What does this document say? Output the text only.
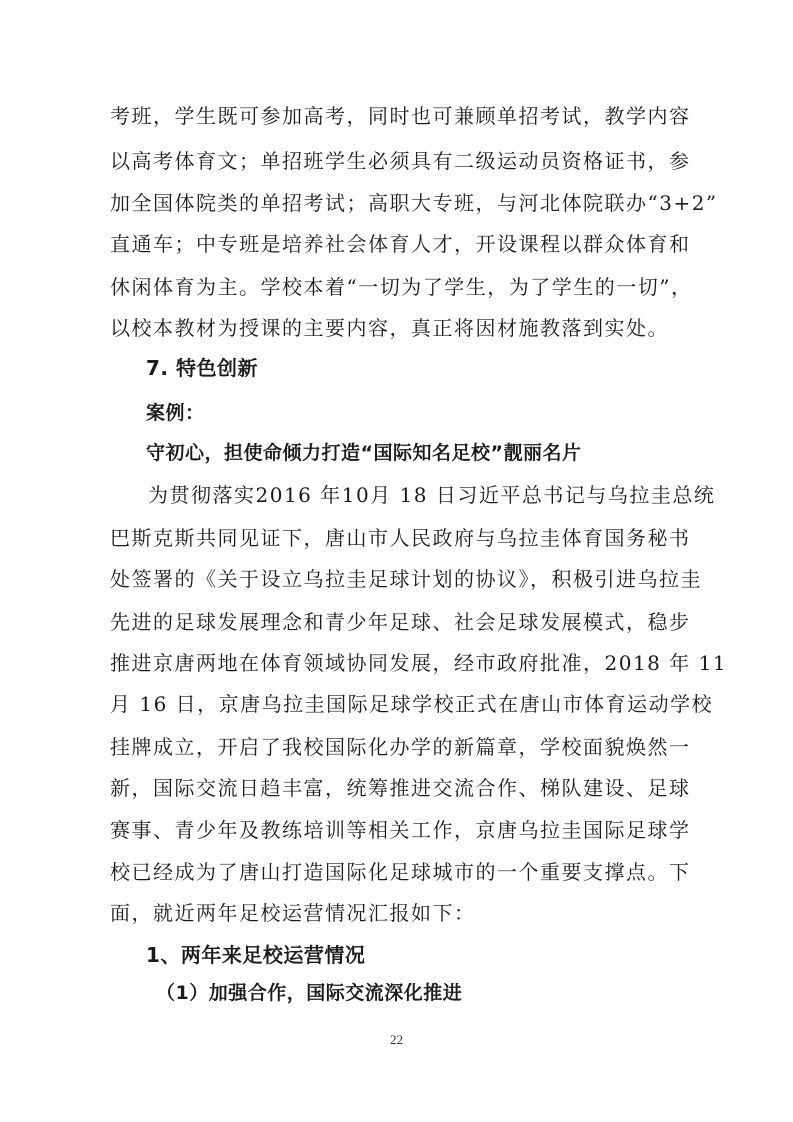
考班，学生既可参加高考，同时也可兼顾单招考试，教学内容
以高考体育文；单招班学生必须具有二级运动员资格证书，参
加全国体院类的单招考试；高职大专班，与河北体院联办“3+2”
直通车；中专班是培养社会体育人才，开设课程以群众体育和
休闲体育为主。学校本着“一切为了学生，为了学生的一切”，
以校本教材为授课的主要内容，真正将因材施教落到实处。
7. 特色创新
案例：
守初心，担使命倾力打造“国际知名足校”靓丽名片
为贯彻落实2016 年10月 18 日习近平总书记与乌拉圭总统
巴斯克斯共同见证下，唐山市人民政府与乌拉圭体育国务秘书
处签署的《关于设立乌拉圭足球计划的协议》，积极引进乌拉圭
先进的足球发展理念和青少年足球、社会足球发展模式，稳步
推进京唐两地在体育领域协同发展，经市政府批准，2018 年 11
月 16 日，京唐乌拉圭国际足球学校正式在唐山市体育运动学校
挂牌成立，开启了我校国际化办学的新篇章，学校面貌焕然一
新，国际交流日趋丰富，统筹推进交流合作、梯队建设、足球
赛事、青少年及教练培训等相关工作，京唐乌拉圭国际足球学
校已经成为了唐山打造国际化足球城市的一个重要支撑点。下
面，就近两年足校运营情况汇报如下：
1、两年来足校运营情况
（1）加强合作，国际交流深化推进
22
